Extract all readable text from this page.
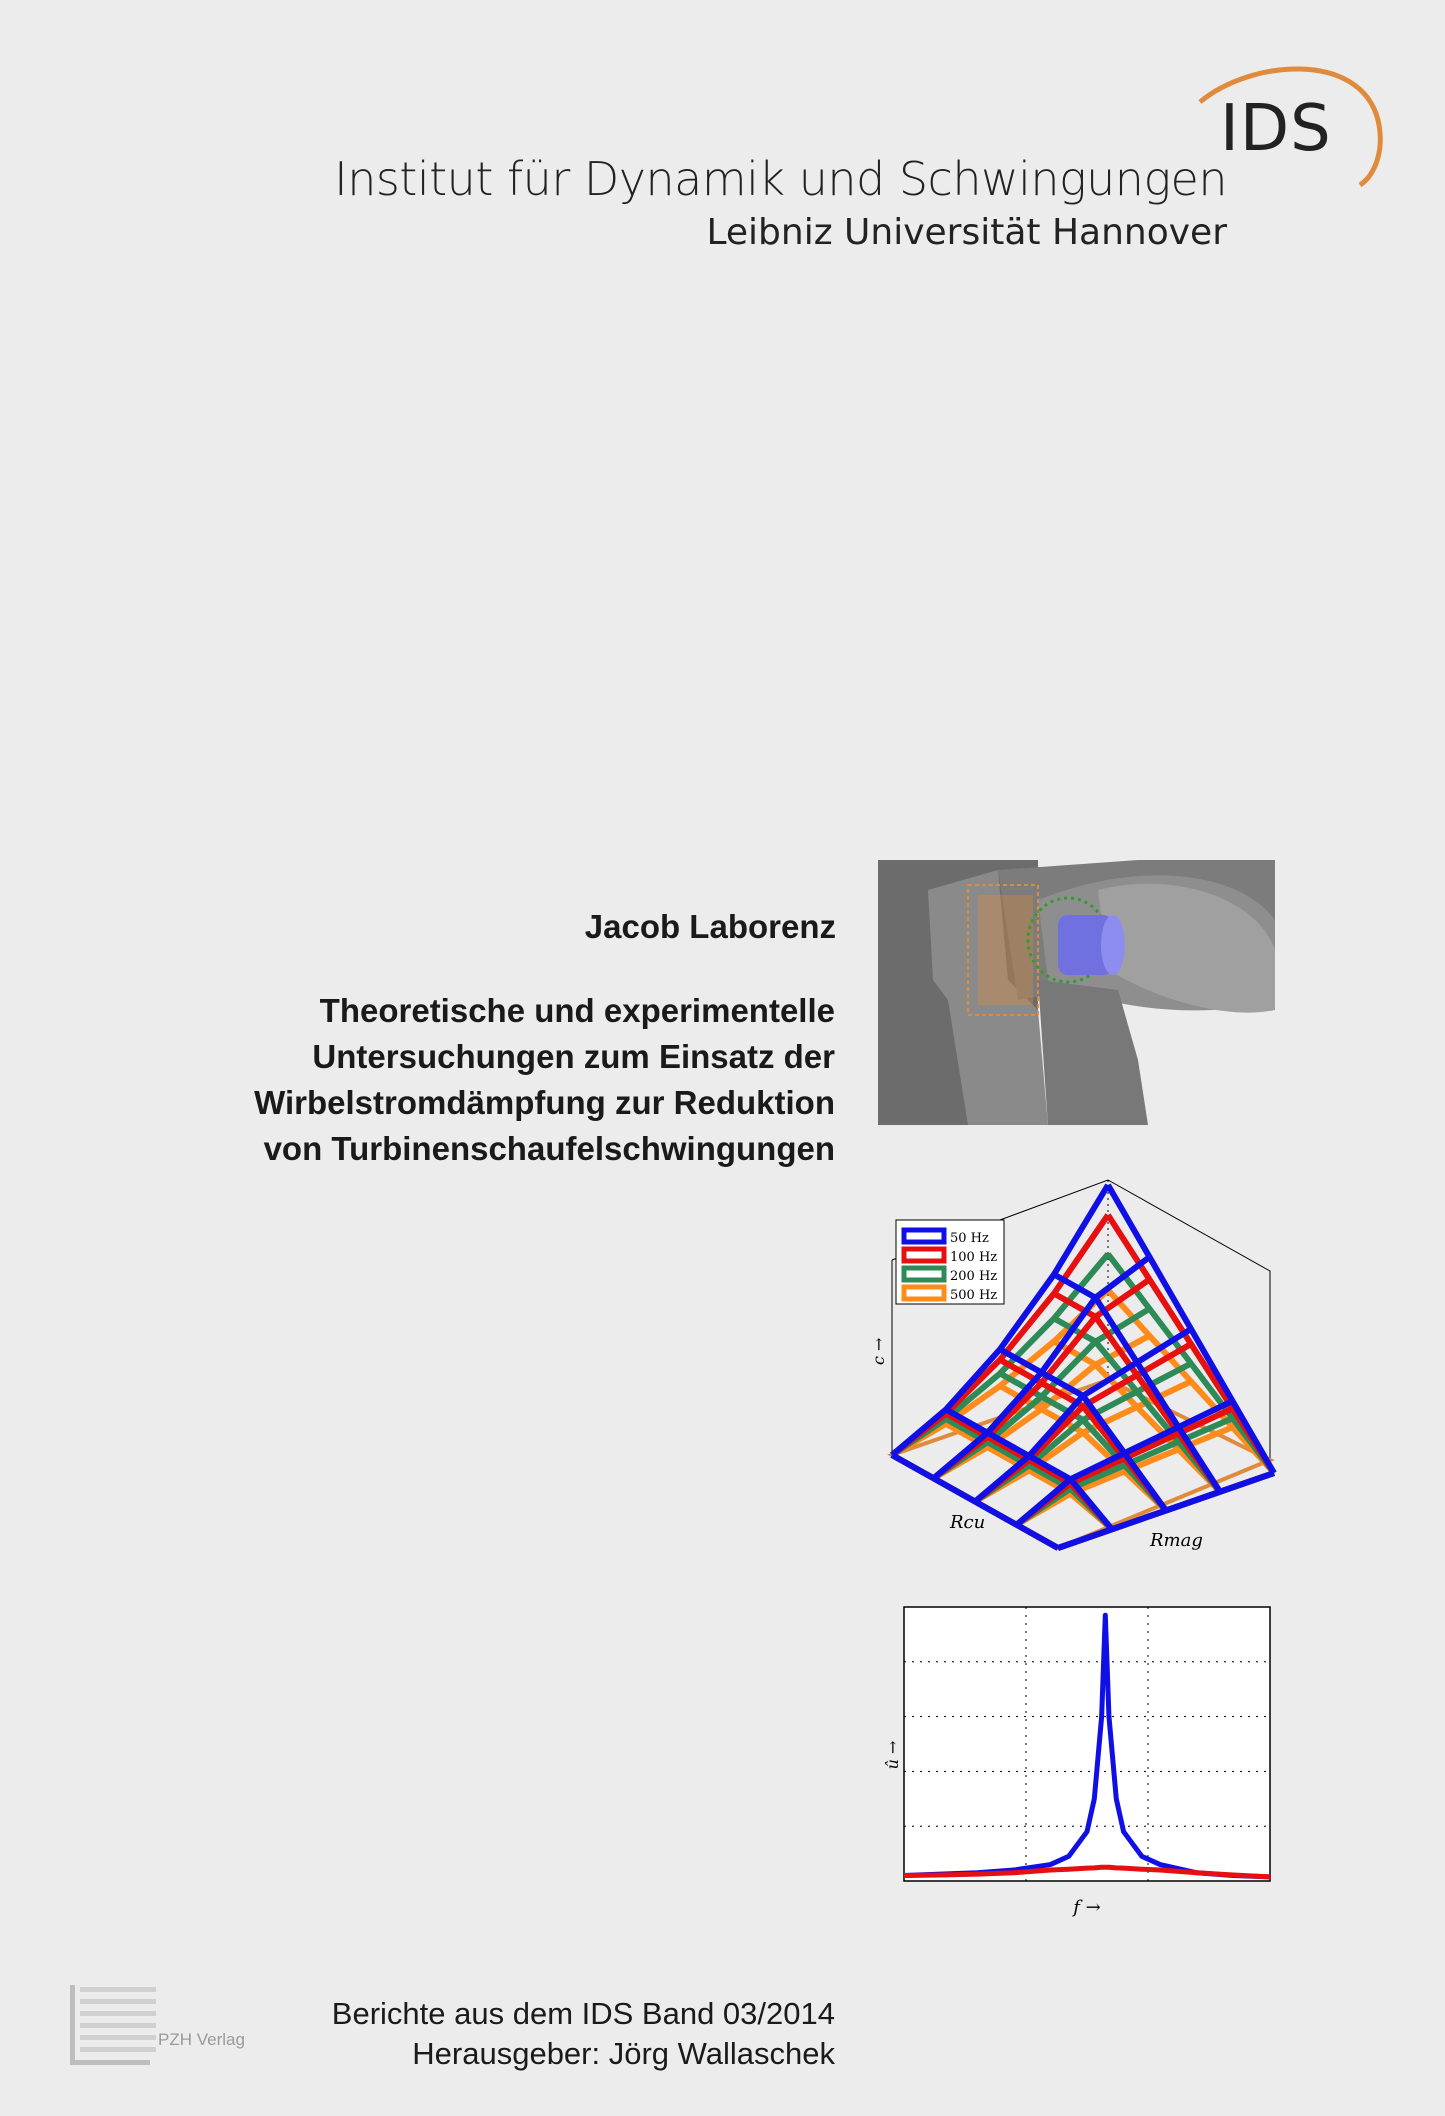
IDS
Institut für Dynamik und Schwingungen
Leibniz Universität Hannover
Jacob Laborenz
Theoretische und experimentelle
Untersuchungen zum Einsatz der
Wirbelstromdämpfung zur Reduktion
von Turbinenschaufelschwingungen
50 Hz
100 Hz
200 Hz
500 Hz
c →
Rcu
Rmag
û →
f →
PZH Verlag
Berichte aus dem IDS Band 03/2014
Herausgeber: Jörg Wallaschek
